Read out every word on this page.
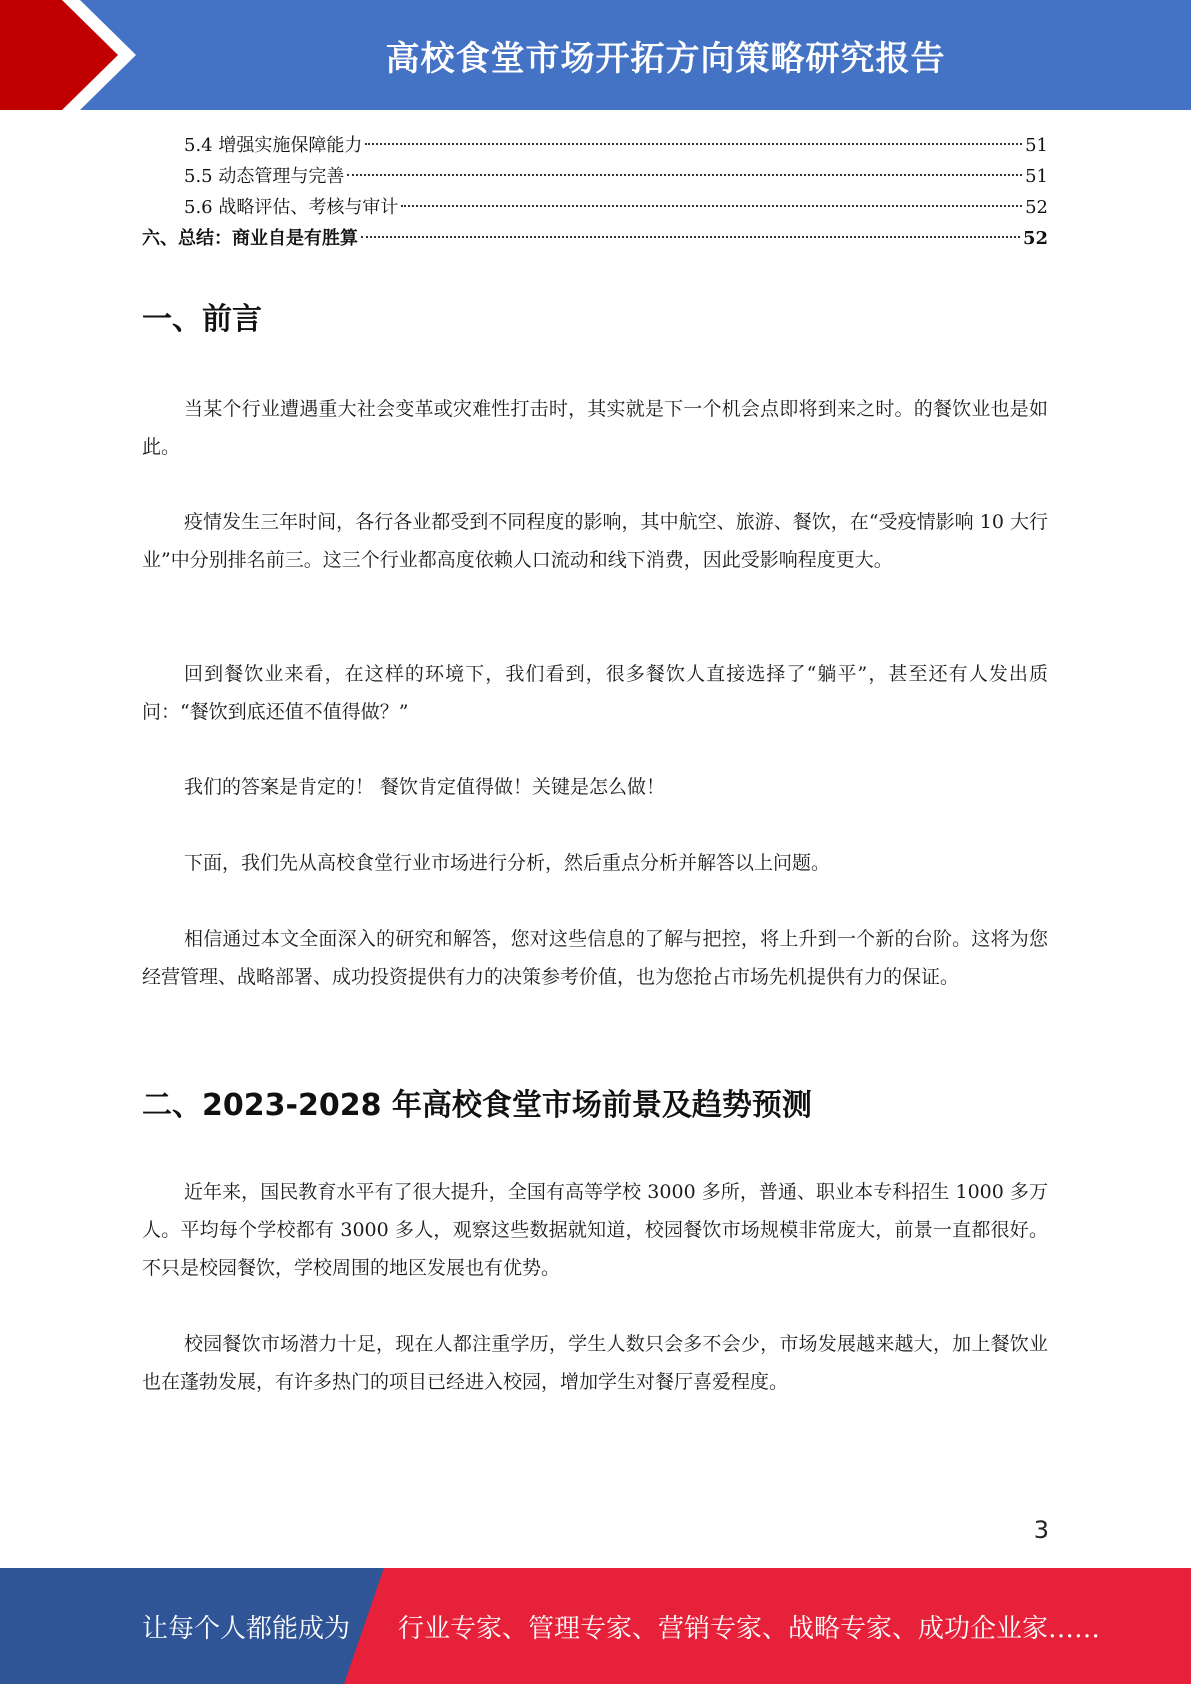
高校食堂市场开拓方向策略研究报告
5.4 增强实施保障能力	51
5.5 动态管理与完善	51
5.6 战略评估、考核与审计	52
六、总结：商业自是有胜算	52
一、前言

当某个行业遭遇重大社会变革或灾难性打击时，其实就是下一个机会点即将到来之时。的餐饮业也是如此。

疫情发生三年时间，各行各业都受到不同程度的影响，其中航空、旅游、餐饮，在“受疫情影响 10 大行业”中分别排名前三。这三个行业都高度依赖人口流动和线下消费，因此受影响程度更大。

回到餐饮业来看，在这样的环境下，我们看到，很多餐饮人直接选择了“躺平”，甚至还有人发出质问：“餐饮到底还值不值得做？”

我们的答案是肯定的！ 餐饮肯定值得做！关键是怎么做！

下面，我们先从高校食堂行业市场进行分析，然后重点分析并解答以上问题。

相信通过本文全面深入的研究和解答，您对这些信息的了解与把控，将上升到一个新的台阶。这将为您经营管理、战略部署、成功投资提供有力的决策参考价值，也为您抢占市场先机提供有力的保证。

二、2023-2028 年高校食堂市场前景及趋势预测

近年来，国民教育水平有了很大提升，全国有高等学校 3000 多所，普通、职业本专科招生 1000 多万人。平均每个学校都有 3000 多人，观察这些数据就知道，校园餐饮市场规模非常庞大，前景一直都很好。不只是校园餐饮，学校周围的地区发展也有优势。

校园餐饮市场潜力十足，现在人都注重学历，学生人数只会多不会少，市场发展越来越大，加上餐饮业也在蓬勃发展，有许多热门的项目已经进入校园，增加学生对餐厅喜爱程度。

3
让每个人都能成为 行业专家、管理专家、营销专家、战略专家、成功企业家……
